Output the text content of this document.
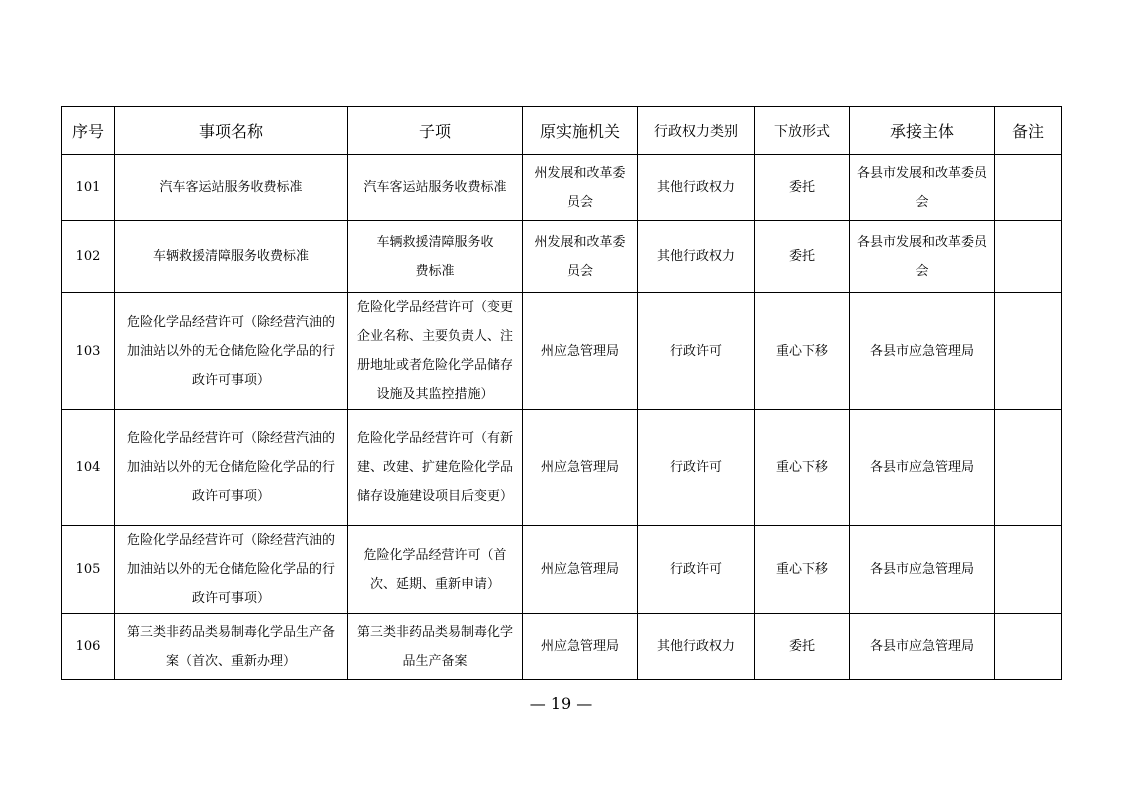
序号	事项名称	子项	原实施机关	行政权力类别	下放形式	承接主体	备注
101	汽车客运站服务收费标准	汽车客运站服务收费标准	州发展和改革委员会	其他行政权力	委托	各县市发展和改革委员会	
102	车辆救援清障服务收费标准	车辆救援清障服务收费标准	州发展和改革委员会	其他行政权力	委托	各县市发展和改革委员会	
103	危险化学品经营许可（除经营汽油的加油站以外的无仓储危险化学品的行政许可事项）	危险化学品经营许可（变更企业名称、主要负责人、注册地址或者危险化学品储存设施及其监控措施）	州应急管理局	行政许可	重心下移	各县市应急管理局	
104	危险化学品经营许可（除经营汽油的加油站以外的无仓储危险化学品的行政许可事项）	危险化学品经营许可（有新建、改建、扩建危险化学品储存设施建设项目后变更）	州应急管理局	行政许可	重心下移	各县市应急管理局	
105	危险化学品经营许可（除经营汽油的加油站以外的无仓储危险化学品的行政许可事项）	危险化学品经营许可（首次、延期、重新申请）	州应急管理局	行政许可	重心下移	各县市应急管理局	
106	第三类非药品类易制毒化学品生产备案（首次、重新办理）	第三类非药品类易制毒化学品生产备案	州应急管理局	其他行政权力	委托	各县市应急管理局	
— 19 —
